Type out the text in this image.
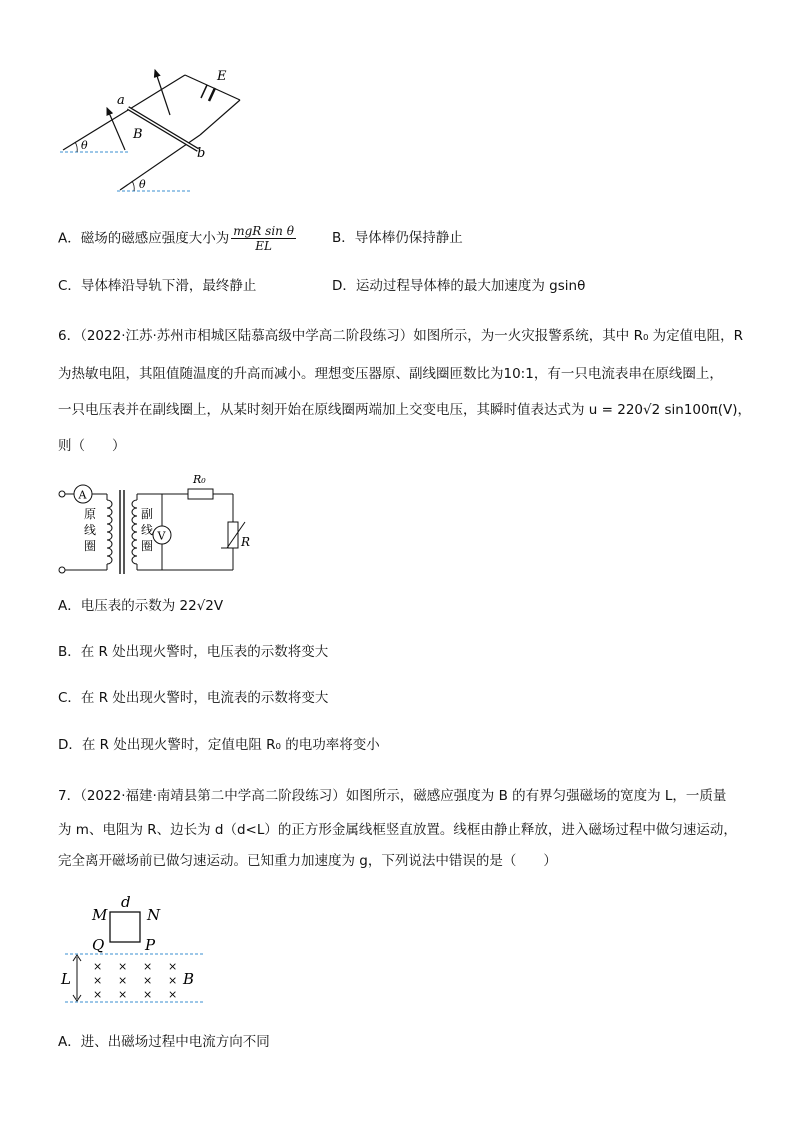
E
a
b
B
θ
θ
A．磁场的磁感应强度大小为 $\frac{\text{mgR sin θ}}{EL}$	B．导体棒仍保持静止
C．导体棒沿导轨下滑，最终静止	D．运动过程导体棒的最大加速度为 gsinθ
6．（2022·江苏·苏州市相城区陆慕高级中学高二阶段练习）如图所示，为一火灾报警系统，其中 R₀ 为定值电阻，R
为热敏电阻，其阻值随温度的升高而减小。理想变压器原、副线圈匝数比为10:1，有一只电流表串在原线圈上，
一只电压表并在副线圈上，从某时刻开始在原线圈两端加上交变电压，其瞬时值表达式为 u = 220√2 sin100π(V)，
则（　　）
A
V
R₀
R
原
线
圈
副
线
圈
A．电压表的示数为 22√2V
B．在 R 处出现火警时，电压表的示数将变大
C．在 R 处出现火警时，电流表的示数将变大
D．在 R 处出现火警时，定值电阻 R₀ 的电功率将变小
7．（2022·福建·南靖县第二中学高二阶段练习）如图所示，磁感应强度为 B 的有界匀强磁场的宽度为 L，一质量
为 m、电阻为 R、边长为 d（d<L）的正方形金属线框竖直放置。线框由静止释放，进入磁场过程中做匀速运动，
完全离开磁场前已做匀速运动。已知重力加速度为 g，下列说法中错误的是（　　）
d
M	N
Q	P
L
× × × ×
× × × ×
× × × ×
B
A．进、出磁场过程中电流方向不同
